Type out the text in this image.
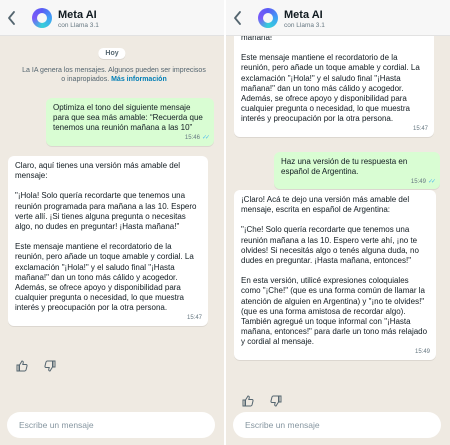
Meta AI
con Llama 3.1
Hoy
La IA genera los mensajes. Algunos pueden ser imprecisos o inapropiados. Más información

Optimiza el tono del siguiente mensaje para que sea más amable: “Recuerda que tenemos una reunión mañana a las 10”

15:46 ✓✓

Claro, aquí tienes una versión más amable del mensaje:

"¡Hola! Solo quería recordarte que tenemos una reunión programada para mañana a las 10. Espero verte allí. ¡Si tienes alguna pregunta o necesitas algo, no dudes en preguntar! ¡Hasta mañana!"

Este mensaje mantiene el recordatorio de la reunión, pero añade un toque amable y cordial. La exclamación "¡Hola!" y el saludo final "¡Hasta mañana!" dan un tono más cálido y acogedor. Además, se ofrece apoyo y disponibilidad para cualquier pregunta o necesidad, lo que muestra interés y preocupación por la otra persona.

15:47
Escribe un mensaje
Meta AI
con Llama 3.1

mañana!"

Este mensaje mantiene el recordatorio de la reunión, pero añade un toque amable y cordial. La exclamación "¡Hola!" y el saludo final "¡Hasta mañana!" dan un tono más cálido y acogedor. Además, se ofrece apoyo y disponibilidad para cualquier pregunta o necesidad, lo que muestra interés y preocupación por la otra persona.

15:47

Haz una versión de tu respuesta en español de Argentina.

15:49 ✓✓

¡Claro! Acá te dejo una versión más amable del mensaje, escrita en español de Argentina:

"¡Che! Solo quería recordarte que tenemos una reunión mañana a las 10. Espero verte ahí, ¡no te olvides! Si necesitás algo o tenés alguna duda, no dudes en preguntar. ¡Hasta mañana, entonces!"

En esta versión, utilicé expresiones coloquiales como "¡Che!" (que es una forma común de llamar la atención de alguien en Argentina) y "¡no te olvides!" (que es una forma amistosa de recordar algo). También agregué un toque informal con "¡Hasta mañana, entonces!" para darle un tono más relajado y cordial al mensaje.

15:49
Escribe un mensaje
